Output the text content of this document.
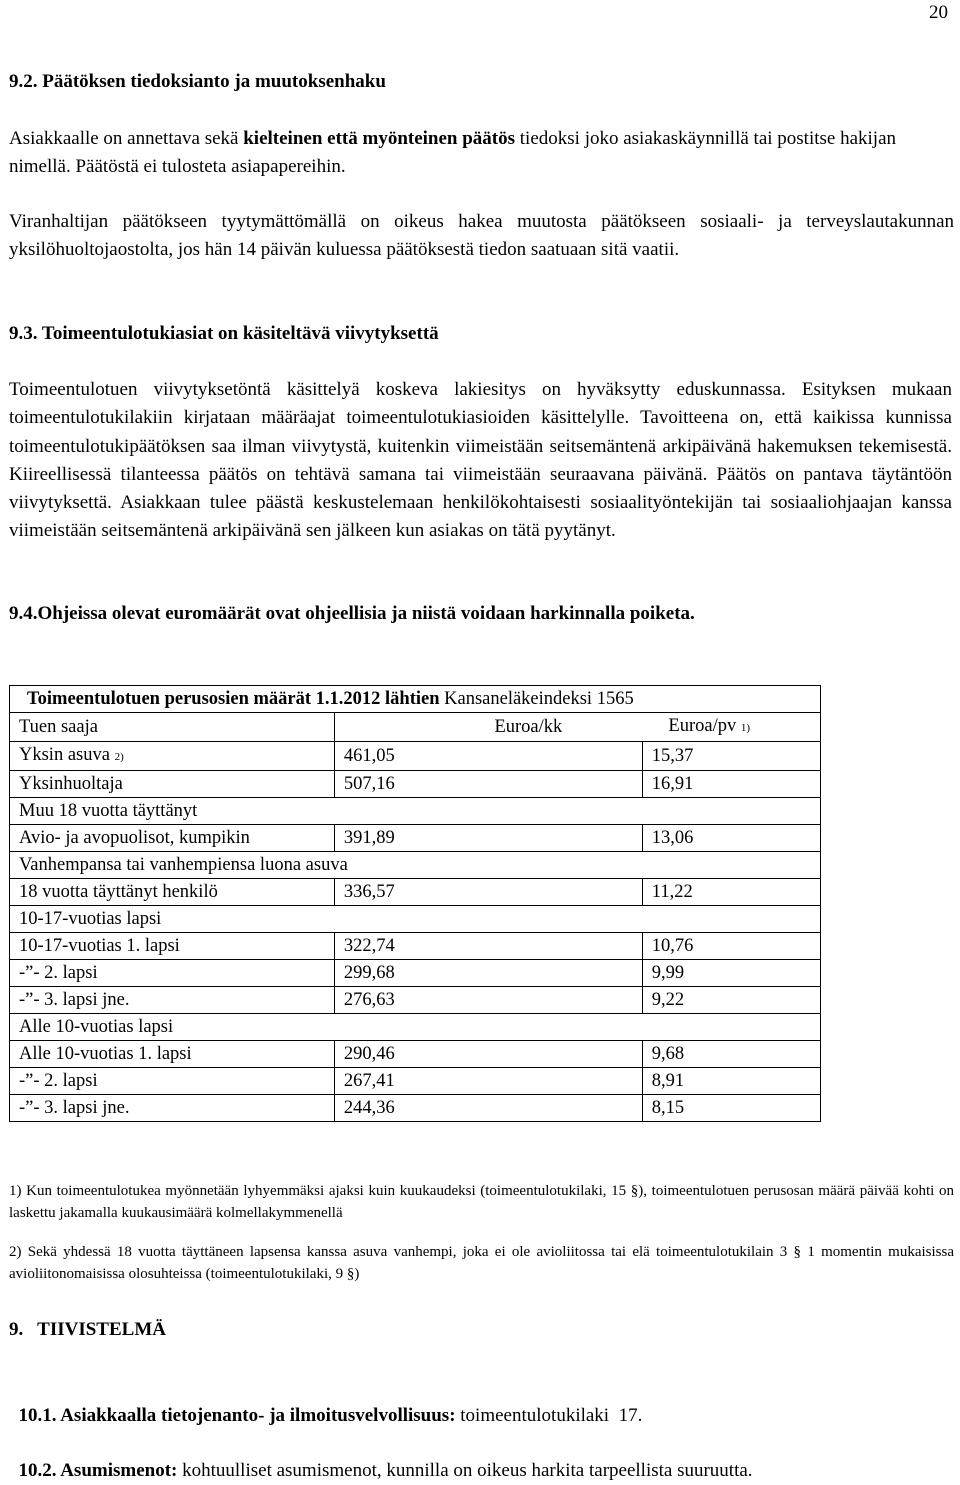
20
9.2. Päätöksen tiedoksianto ja muutoksenhaku
Asiakkaalle on annettava sekä kielteinen että myönteinen päätös tiedoksi joko asiakaskäynnillä tai postitse hakijan nimellä. Päätöstä ei tulosteta asiapapereihin.
Viranhaltijan päätökseen tyytymättömällä on oikeus hakea muutosta päätökseen sosiaali- ja terveyslautakunnan yksilöhuoltojaostolta, jos hän 14 päivän kuluessa päätöksestä tiedon saatuaan sitä vaatii.
9.3. Toimeentulotukiasiat on käsiteltävä viivytyksettä
Toimeentulotuen viivytyksetöntä käsittelyä koskeva lakiesitys on hyväksytty eduskunnassa. Esityksen mukaan toimeentulotukilakiin kirjataan määräajat toimeentulotukiasioiden käsittelylle. Tavoitteena on, että kaikissa kunnissa toimeentulotukipäätöksen saa ilman viivytystä, kuitenkin viimeistään seitsemäntenä arkipäivänä hakemuksen tekemisestä. Kiireellisessä tilanteessa päätös on tehtävä samana tai viimeistään seuraavana päivänä. Päätös on pantava täytäntöön viivytyksettä. Asiakkaan tulee päästä keskustelemaan henkilökohtaisesti sosiaalityöntekijän tai sosiaaliohjaajan kanssa viimeistään seitsemäntenä arkipäivänä sen jälkeen kun asiakas on tätä pyytänyt.
9.4.Ohjeissa olevat euromäärät ovat ohjeellisia ja niistä voidaan harkinnalla poiketa.
Toimeentulotuen perusosien määrät 1.1.2012 lähtien Kansaneläkeindeksi 1565		
Tuen saaja	Euroa/kk	Euroa/pv 1)
Yksin asuva 2)	461,05	15,37
Yksinhuoltaja	507,16	16,91
Muu 18 vuotta täyttänyt		
Avio- ja avopuolisot, kumpikin	391,89	13,06
Vanhempansa tai vanhempiensa luona asuva		
18 vuotta täyttänyt henkilö	336,57	11,22
10-17-vuotias lapsi		
10-17-vuotias 1. lapsi	322,74	10,76
-”- 2. lapsi	299,68	9,99
-”- 3. lapsi jne.	276,63	9,22
Alle 10-vuotias lapsi		
Alle 10-vuotias 1. lapsi	290,46	9,68
-”- 2. lapsi	267,41	8,91
-”- 3. lapsi jne.	244,36	8,15
1) Kun toimeentulotukea myönnetään lyhyemmäksi ajaksi kuin kuukaudeksi (toimeentulotukilaki, 15 §), toimeentulotuen perusosan määrä päivää kohti on laskettu jakamalla kuukausimäärä kolmellakymmenellä
2) Sekä yhdessä 18 vuotta täyttäneen lapsensa kanssa asuva vanhempi, joka ei ole avioliitossa tai elä toimeentulotukilain 3 § 1 momentin mukaisissa avioliitonomaisissa olosuhteissa (toimeentulotukilaki, 9 §)
9.   TIIVISTELMÄ

10.1. Asiakkaalla tietojenanto- ja ilmoitusvelvollisuus: toimeentulotukilaki  17.

10.2. Asumismenot: kohtuulliset asumismenot, kunnilla on oikeus harkita tarpeellista suuruutta.
